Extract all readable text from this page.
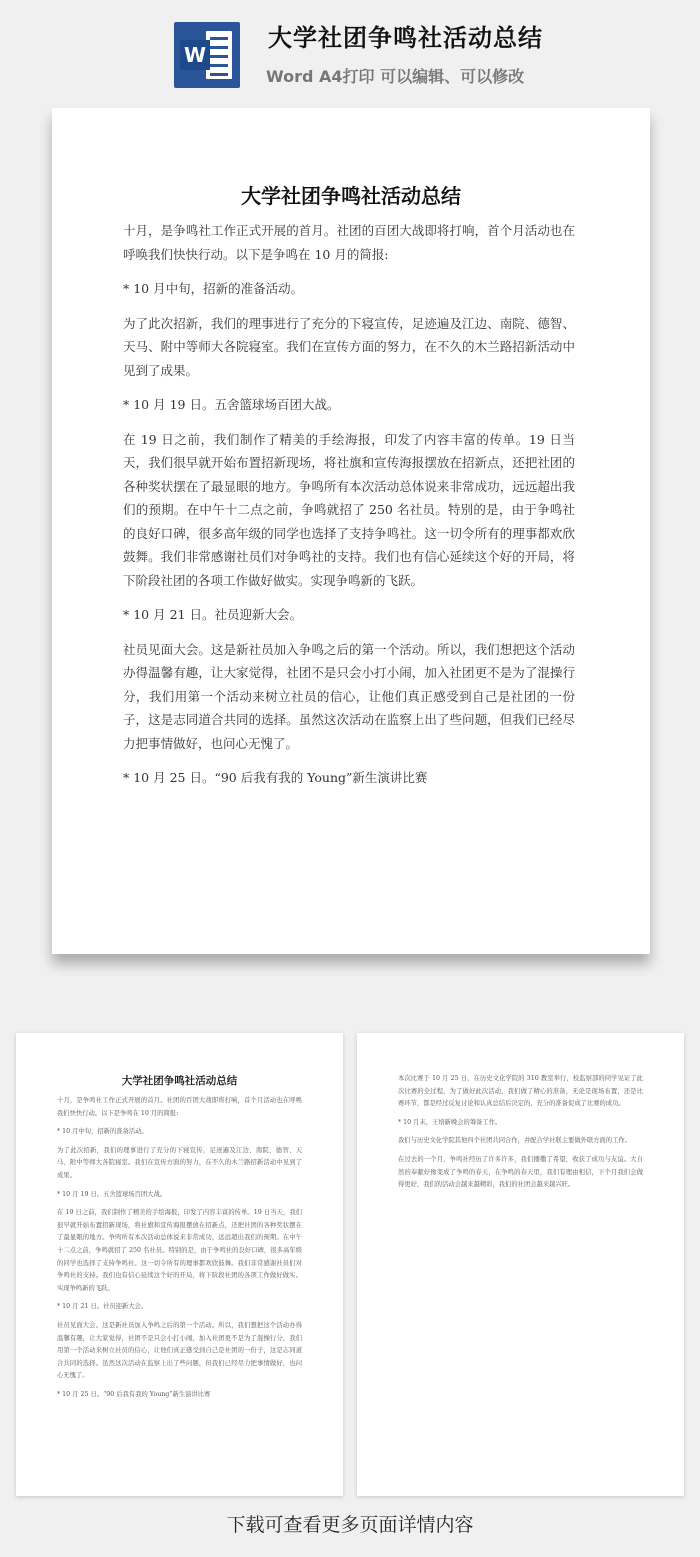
W
大学社团争鸣社活动总结
Word A4打印 可以编辑、可以修改
大学社团争鸣社活动总结

十月，是争鸣社工作正式开展的首月。社团的百团大战即将打响，首个月活动也在呼唤我们快快行动。以下是争鸣在 10 月的简报:

* 10 月中旬，招新的准备活动。

为了此次招新，我们的理事进行了充分的下寝宣传，足迹遍及江边、南院、德智、天马、附中等师大各院寝室。我们在宣传方面的努力，在不久的木兰路招新活动中见到了成果。

* 10 月 19 日。五舍篮球场百团大战。

在 19 日之前，我们制作了精美的手绘海报，印发了内容丰富的传单。19 日当天，我们很早就开始布置招新现场，将社旗和宣传海报摆放在招新点，还把社团的各种奖状摆在了最显眼的地方。争鸣所有本次活动总体说来非常成功，远远超出我们的预期。在中午十二点之前，争鸣就招了 250 名社员。特别的是，由于争鸣社的良好口碑，很多高年级的同学也选择了支持争鸣社。这一切令所有的理事都欢欣鼓舞。我们非常感谢社员们对争鸣社的支持。我们也有信心延续这个好的开局，将下阶段社团的各项工作做好做实。实现争鸣新的飞跃。

* 10 月 21 日。社员迎新大会。

社员见面大会。这是新社员加入争鸣之后的第一个活动。所以，我们想把这个活动办得温馨有趣，让大家觉得，社团不是只会小打小闹，加入社团更不是为了混操行分，我们用第一个活动来树立社员的信心，让他们真正感受到自己是社团的一份子，这是志同道合共同的选择。虽然这次活动在监察上出了些问题，但我们已经尽力把事情做好，也问心无愧了。

* 10 月 25 日。“90 后我有我的 Young”新生演讲比赛

大学社团争鸣社活动总结

十月，是争鸣社工作正式开展的首月。社团的百团大战即将打响，首个月活动也在呼唤我们快快行动。以下是争鸣在 10 月的简报:

* 10 月中旬，招新的准备活动。

为了此次招新，我们的理事进行了充分的下寝宣传，足迹遍及江边、南院、德智、天马、附中等师大各院寝室。我们在宣传方面的努力，在不久的木兰路招新活动中见到了成果。

* 10 月 19 日。五舍篮球场百团大战。

在 19 日之前，我们制作了精美的手绘海报，印发了内容丰富的传单。19 日当天，我们很早就开始布置招新现场，将社旗和宣传海报摆放在招新点，还把社团的各种奖状摆在了最显眼的地方。争鸣所有本次活动总体说来非常成功，远远超出我们的预期。在中午十二点之前，争鸣就招了 250 名社员。特别的是，由于争鸣社的良好口碑，很多高年级的同学也选择了支持争鸣社。这一切令所有的理事都欢欣鼓舞。我们非常感谢社员们对争鸣社的支持。我们也有信心延续这个好的开局，将下阶段社团的各项工作做好做实。实现争鸣新的飞跃。

* 10 月 21 日。社员迎新大会。

社员见面大会。这是新社员加入争鸣之后的第一个活动。所以，我们想把这个活动办得温馨有趣，让大家觉得，社团不是只会小打小闹，加入社团更不是为了混操行分，我们用第一个活动来树立社员的信心，让他们真正感受到自己是社团的一份子，这是志同道合共同的选择。虽然这次活动在监察上出了些问题，但我们已经尽力把事情做好，也问心无愧了。

* 10 月 25 日。“90 后我有我的 Young”新生演讲比赛

本次比赛于 10 月 25 日，在历史文化学院的 310 教室举行，校监察部的同学见证了此次比赛的全过程，为了做好此次活动，我们做了精心的准备，无论是现场布置，还是比赛环节，都是经过反复讨论和认真总结后决定的，充分的准备促成了比赛的成功。

* 10 月末，王培新晚会的筹备工作。

我们与历史文化学院其他四个社团共同合作，并配合学社联主要做外联方面的工作。

在过去的一个月，争鸣社经历了许多许多，我们播撒了希望，收获了成功与友谊。大自然的奉献好像变成了争鸣的春天，在争鸣的春天里，我们有理由相信，下个月我们会做得更好，我们的活动会越来越精彩，我们的社团会越来越兴旺。

下载可查看更多页面详情内容
